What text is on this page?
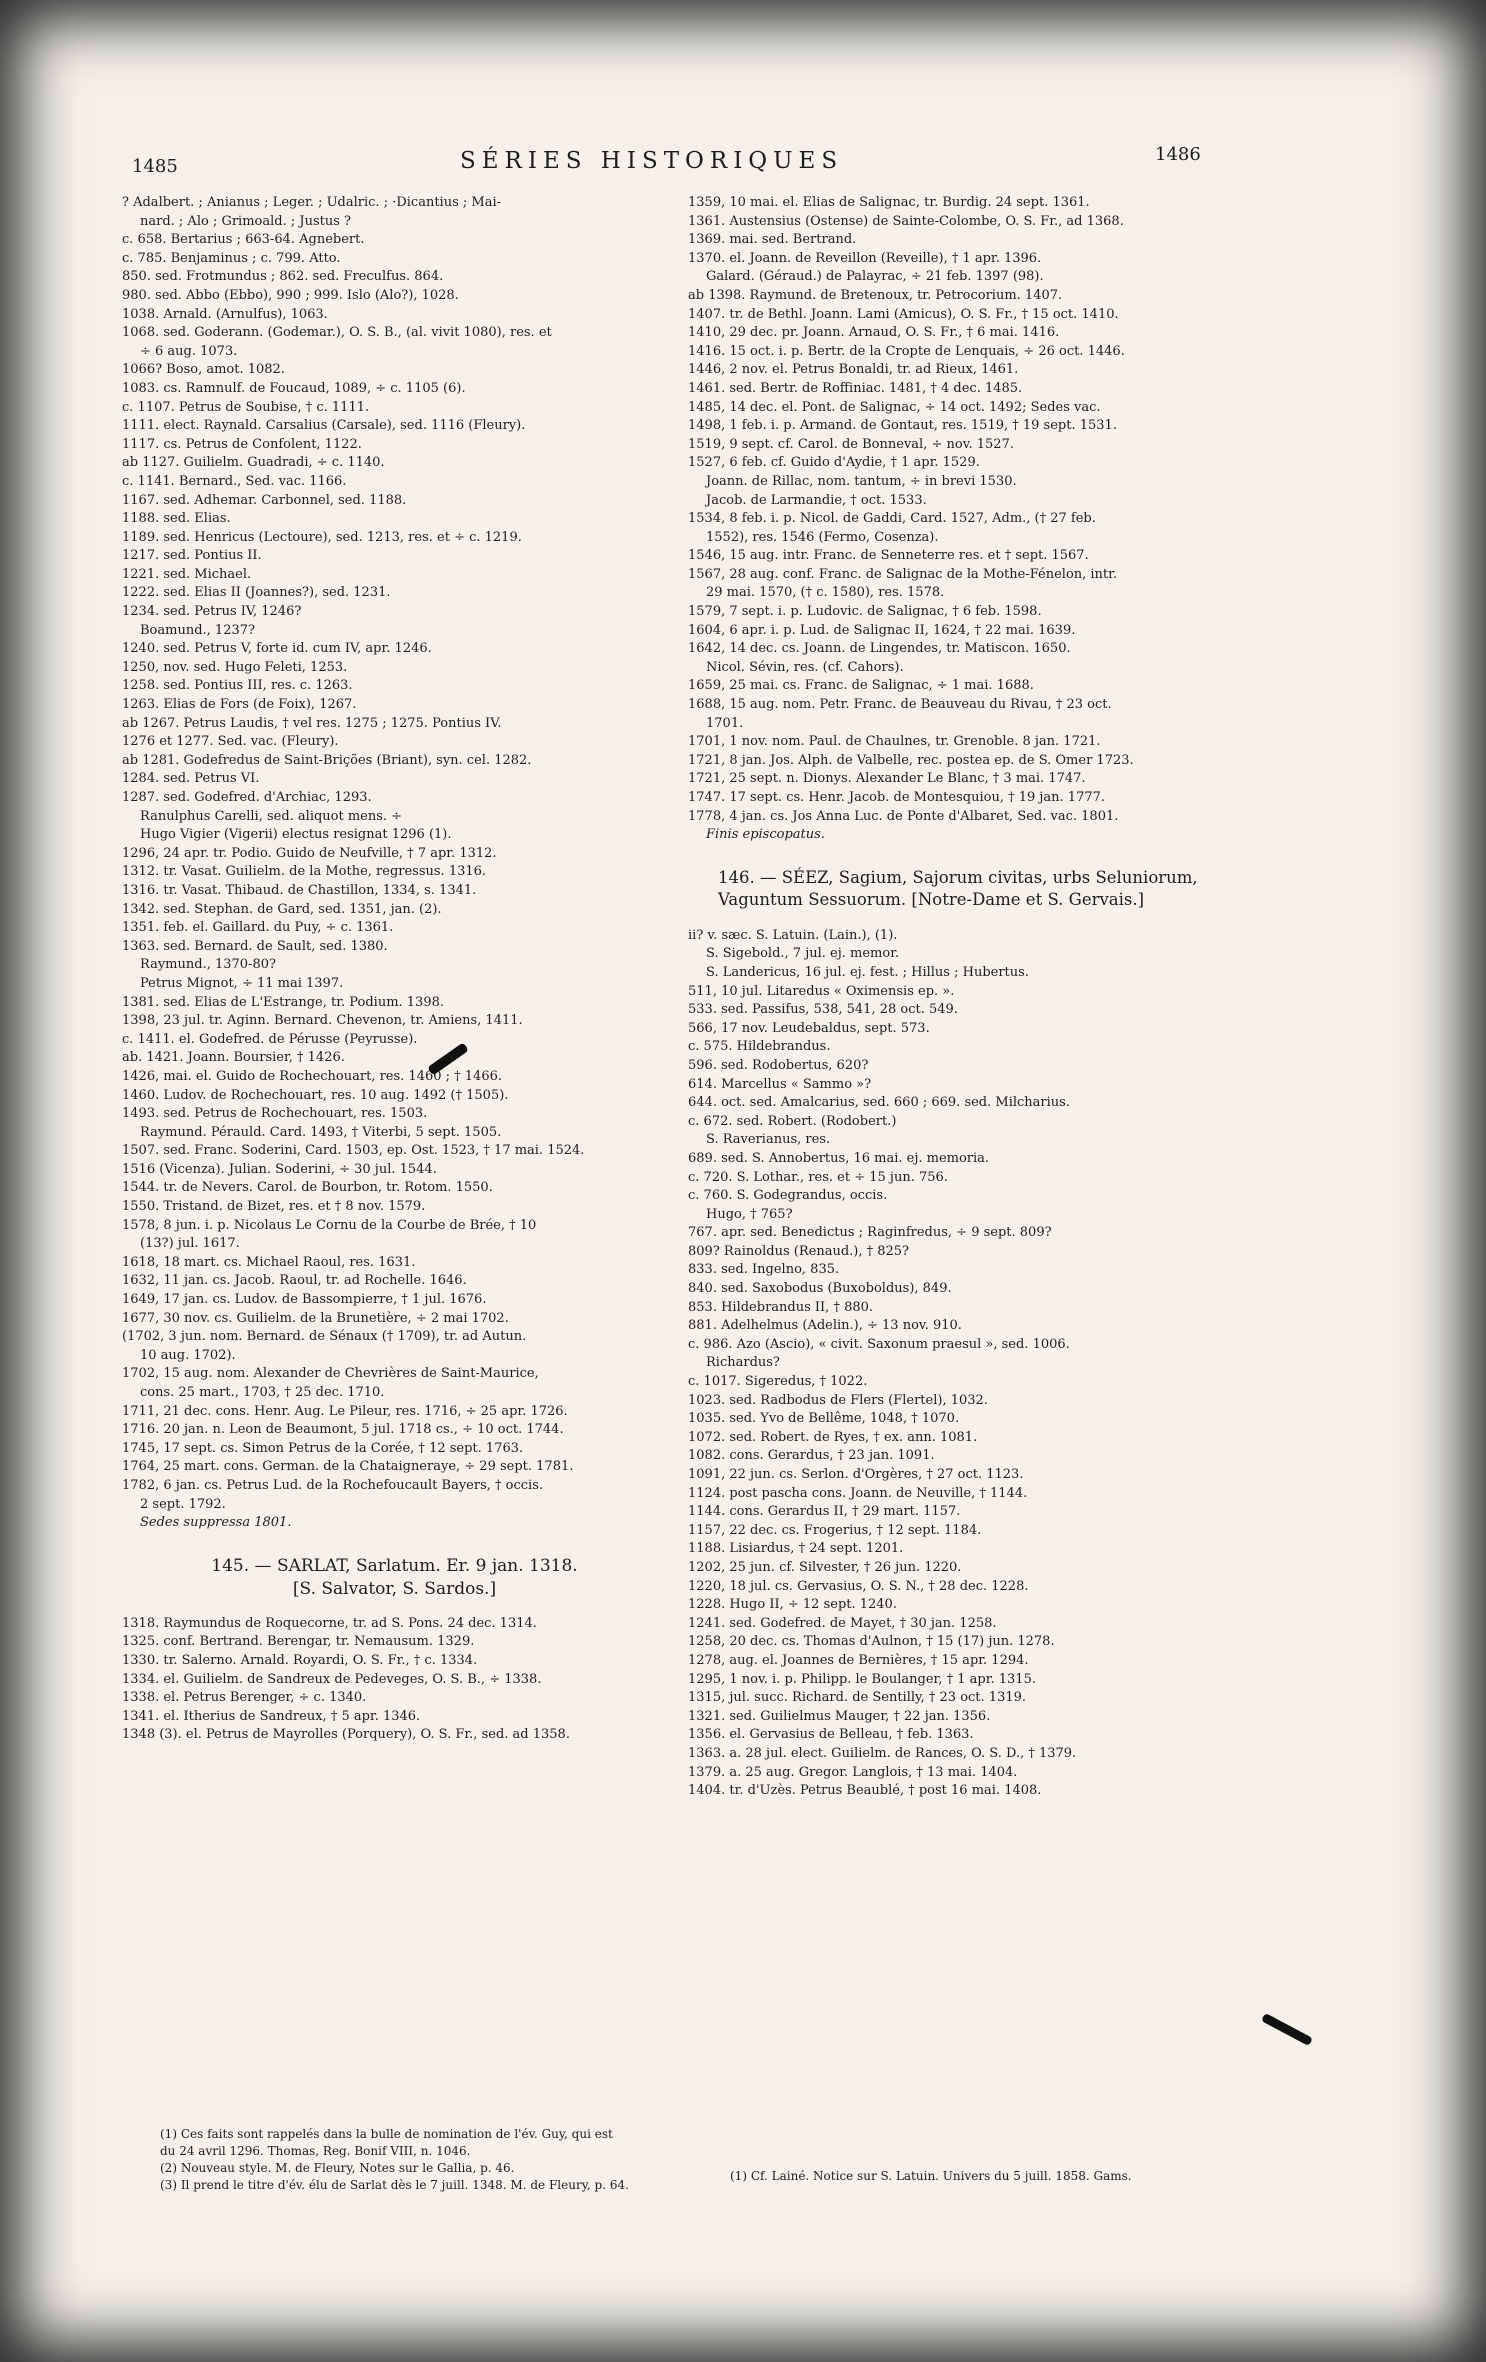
1485	SÉRIES HISTORIQUES	1486
? Adalbert. ; Anianus ; Leger. ; Udalric. ; ·Dicantius ; Mai-
nard. ; Alo ; Grimoald. ; Justus ?
c. 658. Bertarius ; 663-64. Agnebert.
c. 785. Benjaminus ; c. 799. Atto.
850. sed. Frotmundus ; 862. sed. Freculfus. 864.
980. sed. Abbo (Ebbo), 990 ; 999. Islo (Alo?), 1028.
1038. Arnald. (Arnulfus), 1063.
1068. sed. Goderann. (Godemar.), O. S. B., (al. vivit 1080), res. et
÷ 6 aug. 1073.
1066? Boso, amot. 1082.
1083. cs. Ramnulf. de Foucaud, 1089, ÷ c. 1105 (6).
c. 1107. Petrus de Soubise, † c. 1111.
1111. elect. Raynald. Carsalius (Carsale), sed. 1116 (Fleury).
1117. cs. Petrus de Confolent, 1122.
ab 1127. Guilielm. Guadradi, ÷ c. 1140.
c. 1141. Bernard., Sed. vac. 1166.
1167. sed. Adhemar. Carbonnel, sed. 1188.
1188. sed. Elias.
1189. sed. Henricus (Lectoure), sed. 1213, res. et ÷ c. 1219.
1217. sed. Pontius II.
1221. sed. Michael.
1222. sed. Elias II (Joannes?), sed. 1231.
1234. sed. Petrus IV, 1246?
Boamund., 1237?
1240. sed. Petrus V, forte id. cum IV, apr. 1246.
1250, nov. sed. Hugo Feleti, 1253.
1258. sed. Pontius III, res. c. 1263.
1263. Elias de Fors (de Foix), 1267.
ab 1267. Petrus Laudis, † vel res. 1275 ; 1275. Pontius IV.
1276 et 1277. Sed. vac. (Fleury).
ab 1281. Godefredus de Saint-Brições (Briant), syn. cel. 1282.
1284. sed. Petrus VI.
1287. sed. Godefred. d'Archiac, 1293.
Ranulphus Carelli, sed. aliquot mens. ÷
Hugo Vigier (Vigerii) electus resignat 1296 (1).
1296, 24 apr. tr. Podio. Guido de Neufville, † 7 apr. 1312.
1312. tr. Vasat. Guilielm. de la Mothe, regressus. 1316.
1316. tr. Vasat. Thibaud. de Chastillon, 1334, s. 1341.
1342. sed. Stephan. de Gard, sed. 1351, jan. (2).
1351. feb. el. Gaillard. du Puy, ÷ c. 1361.
1363. sed. Bernard. de Sault, sed. 1380.
Raymund., 1370-80?
Petrus Mignot, ÷ 11 mai 1397.
1381. sed. Elias de L'Estrange, tr. Podium. 1398.
1398, 23 jul. tr. Aginn. Bernard. Chevenon, tr. Amiens, 1411.
c. 1411. el. Godefred. de Pérusse (Peyrusse).
ab. 1421. Joann. Boursier, † 1426.
1426, mai. el. Guido de Rochechouart, res. 1460 ; † 1466.
1460. Ludov. de Rochechouart, res. 10 aug. 1492 († 1505).
1493. sed. Petrus de Rochechouart, res. 1503.
Raymund. Pérauld. Card. 1493, † Viterbi, 5 sept. 1505.
1507. sed. Franc. Soderini, Card. 1503, ep. Ost. 1523, † 17 mai. 1524.
1516 (Vicenza). Julian. Soderini, ÷ 30 jul. 1544.
1544. tr. de Nevers. Carol. de Bourbon, tr. Rotom. 1550.
1550. Tristand. de Bizet, res. et † 8 nov. 1579.
1578, 8 jun. i. p. Nicolaus Le Cornu de la Courbe de Brée, † 10
(13?) jul. 1617.
1618, 18 mart. cs. Michael Raoul, res. 1631.
1632, 11 jan. cs. Jacob. Raoul, tr. ad Rochelle. 1646.
1649, 17 jan. cs. Ludov. de Bassompierre, † 1 jul. 1676.
1677, 30 nov. cs. Guilielm. de la Brunetière, ÷ 2 mai 1702.
(1702, 3 jun. nom. Bernard. de Sénaux († 1709), tr. ad Autun.
10 aug. 1702).
1702, 15 aug. nom. Alexander de Chevrières de Saint-Maurice,
cons. 25 mart., 1703, † 25 dec. 1710.
1711, 21 dec. cons. Henr. Aug. Le Pileur, res. 1716, ÷ 25 apr. 1726.
1716. 20 jan. n. Leon de Beaumont, 5 jul. 1718 cs., ÷ 10 oct. 1744.
1745, 17 sept. cs. Simon Petrus de la Corée, † 12 sept. 1763.
1764, 25 mart. cons. German. de la Chataigneraye, ÷ 29 sept. 1781.
1782, 6 jan. cs. Petrus Lud. de la Rochefoucault Bayers, † occis.
2 sept. 1792.
Sedes suppressa 1801.
145. — SARLAT, Sarlatum. Er. 9 jan. 1318.
[S. Salvator, S. Sardos.]
1318. Raymundus de Roquecorne, tr. ad S. Pons. 24 dec. 1314.
1325. conf. Bertrand. Berengar, tr. Nemausum. 1329.
1330. tr. Salerno. Arnald. Royardi, O. S. Fr., † c. 1334.
1334. el. Guilielm. de Sandreux de Pedeveges, O. S. B., ÷ 1338.
1338. el. Petrus Berenger, ÷ c. 1340.
1341. el. Itherius de Sandreux, † 5 apr. 1346.
1348 (3). el. Petrus de Mayrolles (Porquery), O. S. Fr., sed. ad 1358.
1359, 10 mai. el. Elias de Salignac, tr. Burdig. 24 sept. 1361.
1361. Austensius (Ostense) de Sainte-Colombe, O. S. Fr., ad 1368.
1369. mai. sed. Bertrand.
1370. el. Joann. de Reveillon (Reveille), † 1 apr. 1396.
Galard. (Géraud.) de Palayrac, ÷ 21 feb. 1397 (98).
ab 1398. Raymund. de Bretenoux, tr. Petrocorium. 1407.
1407. tr. de Bethl. Joann. Lami (Amicus), O. S. Fr., † 15 oct. 1410.
1410, 29 dec. pr. Joann. Arnaud, O. S. Fr., † 6 mai. 1416.
1416. 15 oct. i. p. Bertr. de la Cropte de Lenquais, ÷ 26 oct. 1446.
1446, 2 nov. el. Petrus Bonaldi, tr. ad Rieux, 1461.
1461. sed. Bertr. de Roffiniac. 1481, † 4 dec. 1485.
1485, 14 dec. el. Pont. de Salignac, ÷ 14 oct. 1492; Sedes vac.
1498, 1 feb. i. p. Armand. de Gontaut, res. 1519, † 19 sept. 1531.
1519, 9 sept. cf. Carol. de Bonneval, ÷ nov. 1527.
1527, 6 feb. cf. Guido d'Aydie, † 1 apr. 1529.
Joann. de Rillac, nom. tantum, ÷ in brevi 1530.
Jacob. de Larmandie, † oct. 1533.
1534, 8 feb. i. p. Nicol. de Gaddi, Card. 1527, Adm., († 27 feb.
1552), res. 1546 (Fermo, Cosenza).
1546, 15 aug. intr. Franc. de Senneterre res. et † sept. 1567.
1567, 28 aug. conf. Franc. de Salignac de la Mothe-Fénelon, intr.
29 mai. 1570, († c. 1580), res. 1578.
1579, 7 sept. i. p. Ludovic. de Salignac, † 6 feb. 1598.
1604, 6 apr. i. p. Lud. de Salignac II, 1624, † 22 mai. 1639.
1642, 14 dec. cs. Joann. de Lingendes, tr. Matiscon. 1650.
Nicol. Sévin, res. (cf. Cahors).
1659, 25 mai. cs. Franc. de Salignac, ÷ 1 mai. 1688.
1688, 15 aug. nom. Petr. Franc. de Beauveau du Rivau, † 23 oct.
1701.
1701, 1 nov. nom. Paul. de Chaulnes, tr. Grenoble. 8 jan. 1721.
1721, 8 jan. Jos. Alph. de Valbelle, rec. postea ep. de S. Omer 1723.
1721, 25 sept. n. Dionys. Alexander Le Blanc, † 3 mai. 1747.
1747. 17 sept. cs. Henr. Jacob. de Montesquiou, † 19 jan. 1777.
1778, 4 jan. cs. Jos Anna Luc. de Ponte d'Albaret, Sed. vac. 1801.
Finis episcopatus.
146. — SÉEZ, Sagium, Sajorum civitas, urbs Seluniorum, Vaguntum Sessuorum. [Notre-Dame et S. Gervais.]
ii? v. sæc. S. Latuin. (Lain.), (1).
S. Sigebold., 7 jul. ej. memor.
S. Landericus, 16 jul. ej. fest. ; Hillus ; Hubertus.
511, 10 jul. Litaredus « Oximensis ep. ».
533. sed. Passifus, 538, 541, 28 oct. 549.
566, 17 nov. Leudebaldus, sept. 573.
c. 575. Hildebrandus.
596. sed. Rodobertus, 620?
614. Marcellus « Sammo »?
644. oct. sed. Amalcarius, sed. 660 ; 669. sed. Milcharius.
c. 672. sed. Robert. (Rodobert.)
S. Raverianus, res.
689. sed. S. Annobertus, 16 mai. ej. memoria.
c. 720. S. Lothar., res. et ÷ 15 jun. 756.
c. 760. S. Godegrandus, occis.
Hugo, † 765?
767. apr. sed. Benedictus ; Raginfredus, ÷ 9 sept. 809?
809? Rainoldus (Renaud.), † 825?
833. sed. Ingelno, 835.
840. sed. Saxobodus (Buxoboldus), 849.
853. Hildebrandus II, † 880.
881. Adelhelmus (Adelin.), ÷ 13 nov. 910.
c. 986. Azo (Ascio), « civit. Saxonum praesul », sed. 1006.
Richardus?
c. 1017. Sigeredus, † 1022.
1023. sed. Radbodus de Flers (Flertel), 1032.
1035. sed. Yvo de Bellême, 1048, † 1070.
1072. sed. Robert. de Ryes, † ex. ann. 1081.
1082. cons. Gerardus, † 23 jan. 1091.
1091, 22 jun. cs. Serlon. d'Orgères, † 27 oct. 1123.
1124. post pascha cons. Joann. de Neuville, † 1144.
1144. cons. Gerardus II, † 29 mart. 1157.
1157, 22 dec. cs. Frogerius, † 12 sept. 1184.
1188. Lisiardus, † 24 sept. 1201.
1202, 25 jun. cf. Silvester, † 26 jun. 1220.
1220, 18 jul. cs. Gervasius, O. S. N., † 28 dec. 1228.
1228. Hugo II, ÷ 12 sept. 1240.
1241. sed. Godefred. de Mayet, † 30 jan. 1258.
1258, 20 dec. cs. Thomas d'Aulnon, † 15 (17) jun. 1278.
1278, aug. el. Joannes de Bernières, † 15 apr. 1294.
1295, 1 nov. i. p. Philipp. le Boulanger, † 1 apr. 1315.
1315, jul. succ. Richard. de Sentilly, † 23 oct. 1319.
1321. sed. Guilielmus Mauger, † 22 jan. 1356.
1356. el. Gervasius de Belleau, † feb. 1363.
1363. a. 28 jul. elect. Guilielm. de Rances, O. S. D., † 1379.
1379. a. 25 aug. Gregor. Langlois, † 13 mai. 1404.
1404. tr. d'Uzès. Petrus Beaublé, † post 16 mai. 1408.
(1) Ces faits sont rappelés dans la bulle de nomination de l'év. Guy, qui est
du 24 avril 1296. Thomas, Reg. Bonif VIII, n. 1046.
(2) Nouveau style. M. de Fleury, Notes sur le Gallia, p. 46.
(3) Il prend le titre d'év. élu de Sarlat dès le 7 juill. 1348. M. de Fleury, p. 64.
(1) Cf. Lainé. Notice sur S. Latuin. Univers du 5 juill. 1858. Gams.
